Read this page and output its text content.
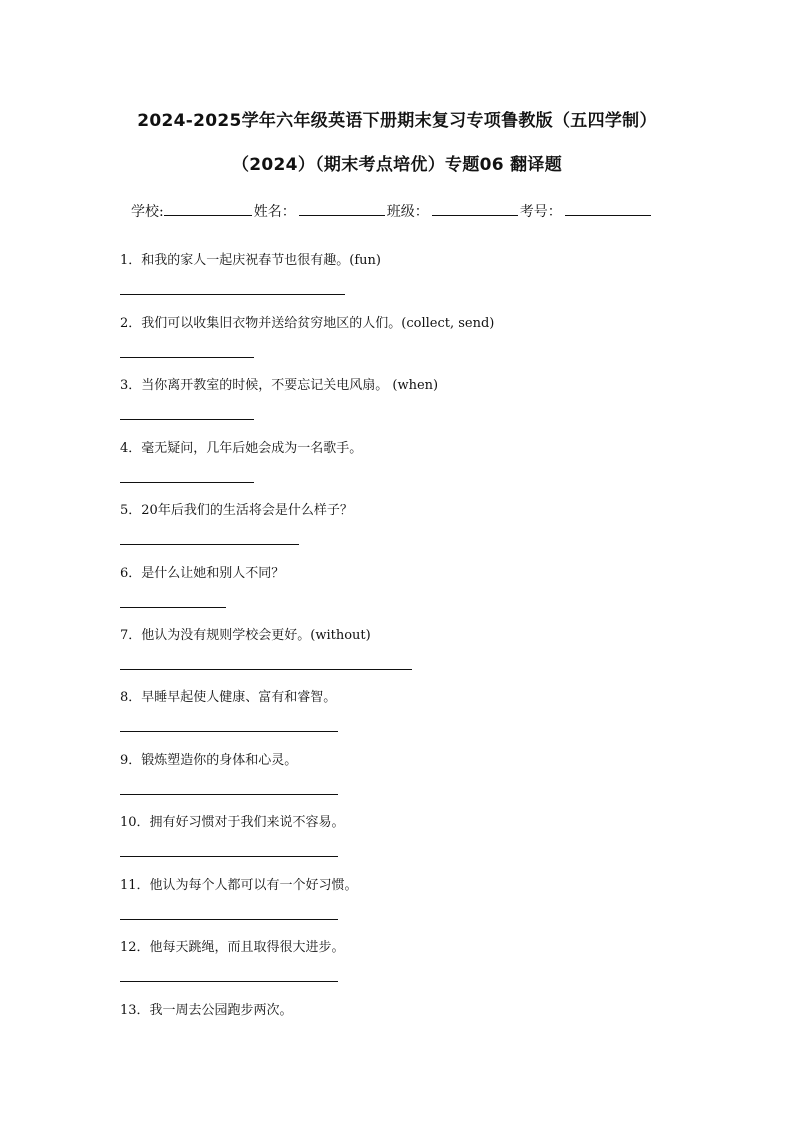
2024-2025学年六年级英语下册期末复习专项鲁教版（五四学制）
（2024）（期末考点培优）专题06 翻译题
学校:	姓名：	班级：	考号：
1．和我的家人一起庆祝春节也很有趣。(fun)
2．我们可以收集旧衣物并送给贫穷地区的人们。(collect, send)
3．当你离开教室的时候，不要忘记关电风扇。 (when)
4．毫无疑问，几年后她会成为一名歌手。
5．20年后我们的生活将会是什么样子？
6．是什么让她和别人不同？
7．他认为没有规则学校会更好。(without)
8．早睡早起使人健康、富有和睿智。
9．锻炼塑造你的身体和心灵。
10．拥有好习惯对于我们来说不容易。
11．他认为每个人都可以有一个好习惯。
12．他每天跳绳，而且取得很大进步。
13．我一周去公园跑步两次。
